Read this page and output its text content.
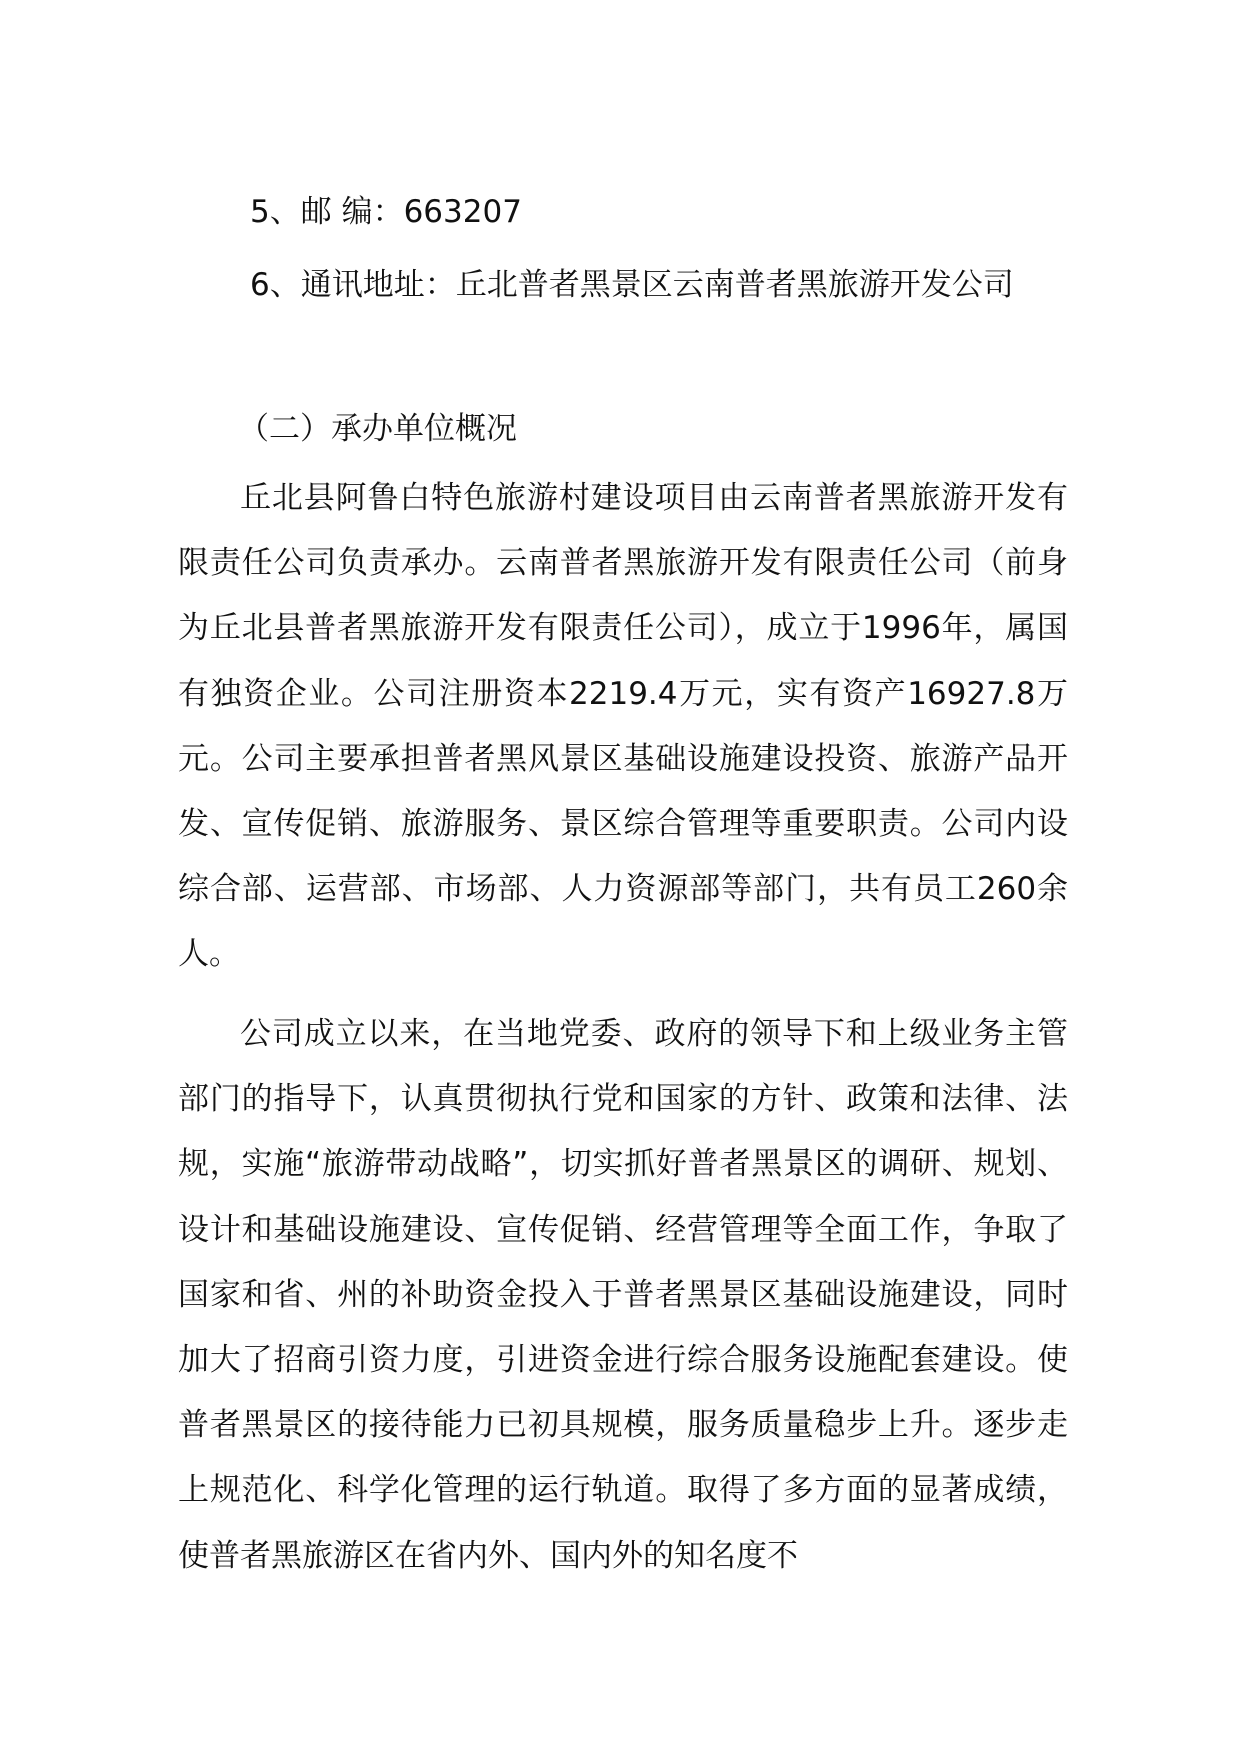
5、邮 编：663207
6、通讯地址：丘北普者黑景区云南普者黑旅游开发公司
（二）承办单位概况

丘北县阿鲁白特色旅游村建设项目由云南普者黑旅游开发有限责任公司负责承办。云南普者黑旅游开发有限责任公司（前身为丘北县普者黑旅游开发有限责任公司），成立于1996年，属国有独资企业。公司注册资本2219.4万元，实有资产16927.8万元。公司主要承担普者黑风景区基础设施建设投资、旅游产品开发、宣传促销、旅游服务、景区综合管理等重要职责。公司内设综合部、运营部、市场部、人力资源部等部门，共有员工260余人。

公司成立以来，在当地党委、政府的领导下和上级业务主管部门的指导下，认真贯彻执行党和国家的方针、政策和法律、法规，实施“旅游带动战略”，切实抓好普者黑景区的调研、规划、设计和基础设施建设、宣传促销、经营管理等全面工作，争取了国家和省、州的补助资金投入于普者黑景区基础设施建设，同时加大了招商引资力度，引进资金进行综合服务设施配套建设。使普者黑景区的接待能力已初具规模，服务质量稳步上升。逐步走上规范化、科学化管理的运行轨道。取得了多方面的显著成绩，使普者黑旅游区在省内外、国内外的知名度不
